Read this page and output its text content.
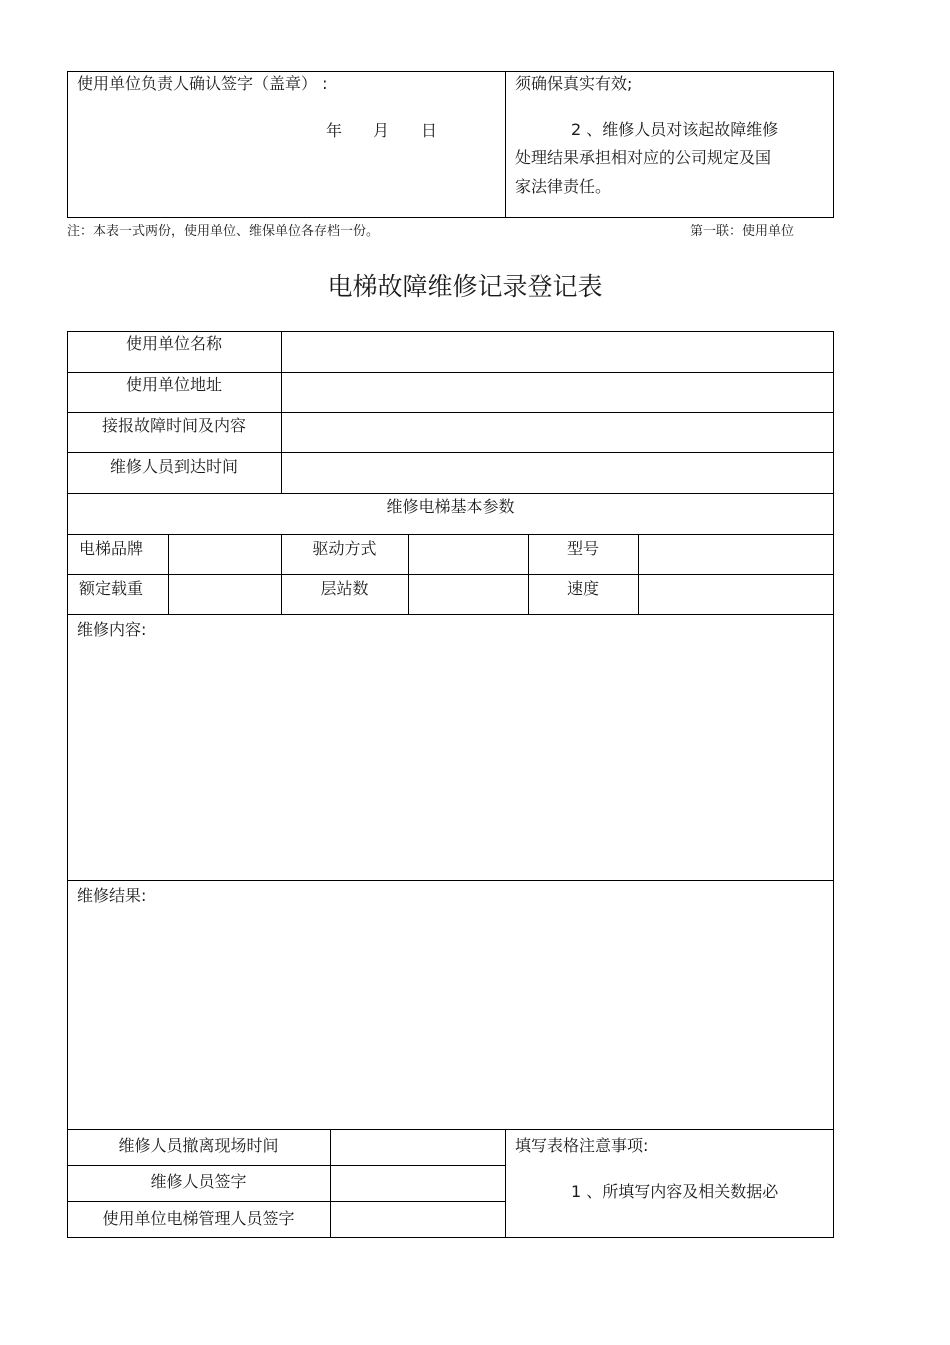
使用单位负责人确认签字（盖章） :
年 月 日
须确保真实有效;
2 、维修人员对该起故障维修
处理结果承担相对应的公司规定及国
家法律责任。
注：本表一式两份，使用单位、维保单位各存档一份。	第一联：使用单位
电梯故障维修记录登记表
使用单位名称
使用单位地址
接报故障时间及内容
维修人员到达时间
维修电梯基本参数
电梯品牌	驱动方式	型号
额定载重	层站数	速度
维修内容:
维修结果:
维修人员撤离现场时间
维修人员签字
使用单位电梯管理人员签字
填写表格注意事项:
1 、所填写内容及相关数据必
